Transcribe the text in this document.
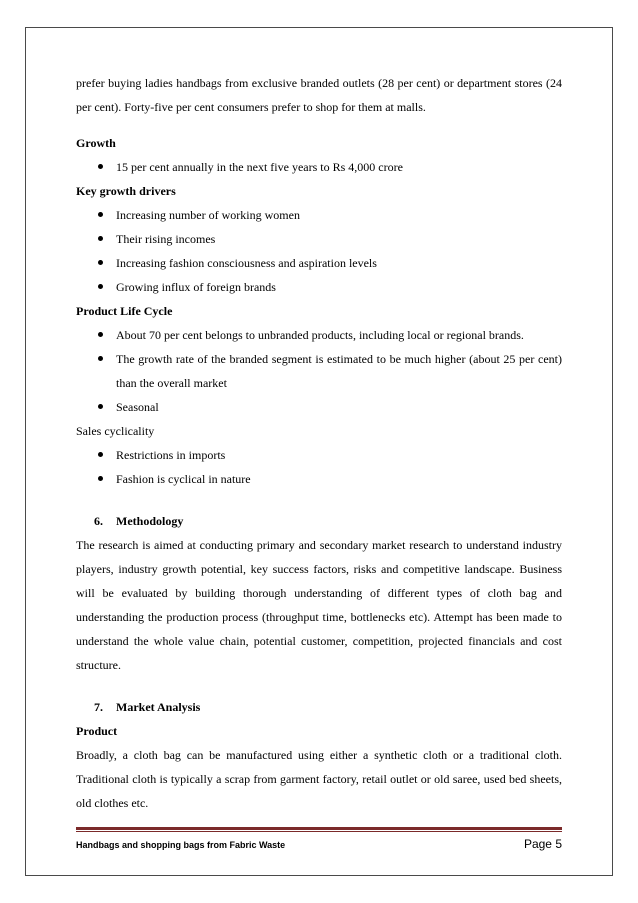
prefer buying ladies handbags from exclusive branded outlets (28 per cent) or department stores (24 per cent). Forty-five per cent consumers prefer to shop for them at malls.

Growth

15 per cent annually in the next five years to Rs 4,000 crore

Key growth drivers

Increasing number of working women
Their rising incomes
Increasing fashion consciousness and aspiration levels
Growing influx of foreign brands

Product Life Cycle

About 70 per cent belongs to unbranded products, including local or regional brands.
The growth rate of the branded segment is estimated to be much higher (about 25 per cent) than the overall market
Seasonal

Sales cyclicality

Restrictions in imports
Fashion is cyclical in nature

6. Methodology

The research is aimed at conducting primary and secondary market research to understand industry players, industry growth potential, key success factors, risks and competitive landscape. Business will be evaluated by building thorough understanding of different types of cloth bag and understanding the production process (throughput time, bottlenecks etc). Attempt has been made to understand the whole value chain, potential customer, competition, projected financials and cost structure.

7. Market Analysis

Product

Broadly, a cloth bag can be manufactured using either a synthetic cloth or a traditional cloth. Traditional cloth is typically a scrap from garment factory, retail outlet or old saree, used bed sheets, old clothes etc.

Handbags and shopping bags from Fabric Waste	Page 5
